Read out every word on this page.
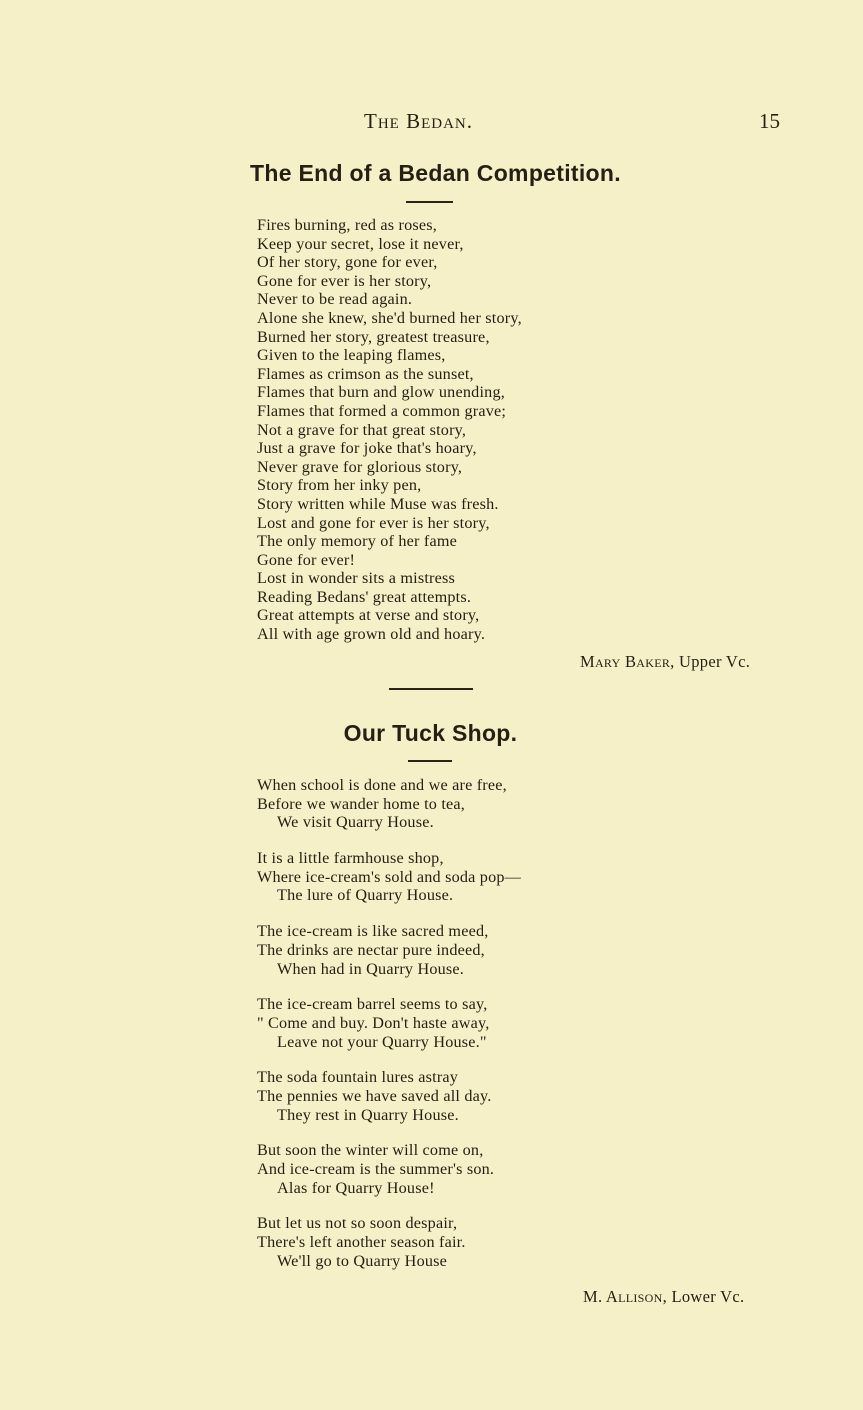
The Bedan.	15
The End of a Bedan Competition.
Fires burning, red as roses,
Keep your secret, lose it never,
Of her story, gone for ever,
Gone for ever is her story,
Never to be read again.
Alone she knew, she'd burned her story,
Burned her story, greatest treasure,
Given to the leaping flames,
Flames as crimson as the sunset,
Flames that burn and glow unending,
Flames that formed a common grave;
Not a grave for that great story,
Just a grave for joke that's hoary,
Never grave for glorious story,
Story from her inky pen,
Story written while Muse was fresh.
Lost and gone for ever is her story,
The only memory of her fame
Gone for ever!
Lost in wonder sits a mistress
Reading Bedans' great attempts.
Great attempts at verse and story,
All with age grown old and hoary.
Mary Baker, Upper Vc.
Our Tuck Shop.
When school is done and we are free,
Before we wander home to tea,
We visit Quarry House.
It is a little farmhouse shop,
Where ice-cream's sold and soda pop—
The lure of Quarry House.
The ice-cream is like sacred meed,
The drinks are nectar pure indeed,
When had in Quarry House.
The ice-cream barrel seems to say,
" Come and buy. Don't haste away,
Leave not your Quarry House."
The soda fountain lures astray
The pennies we have saved all day.
They rest in Quarry House.
But soon the winter will come on,
And ice-cream is the summer's son.
Alas for Quarry House!
But let us not so soon despair,
There's left another season fair.
We'll go to Quarry House
M. Allison, Lower Vc.
